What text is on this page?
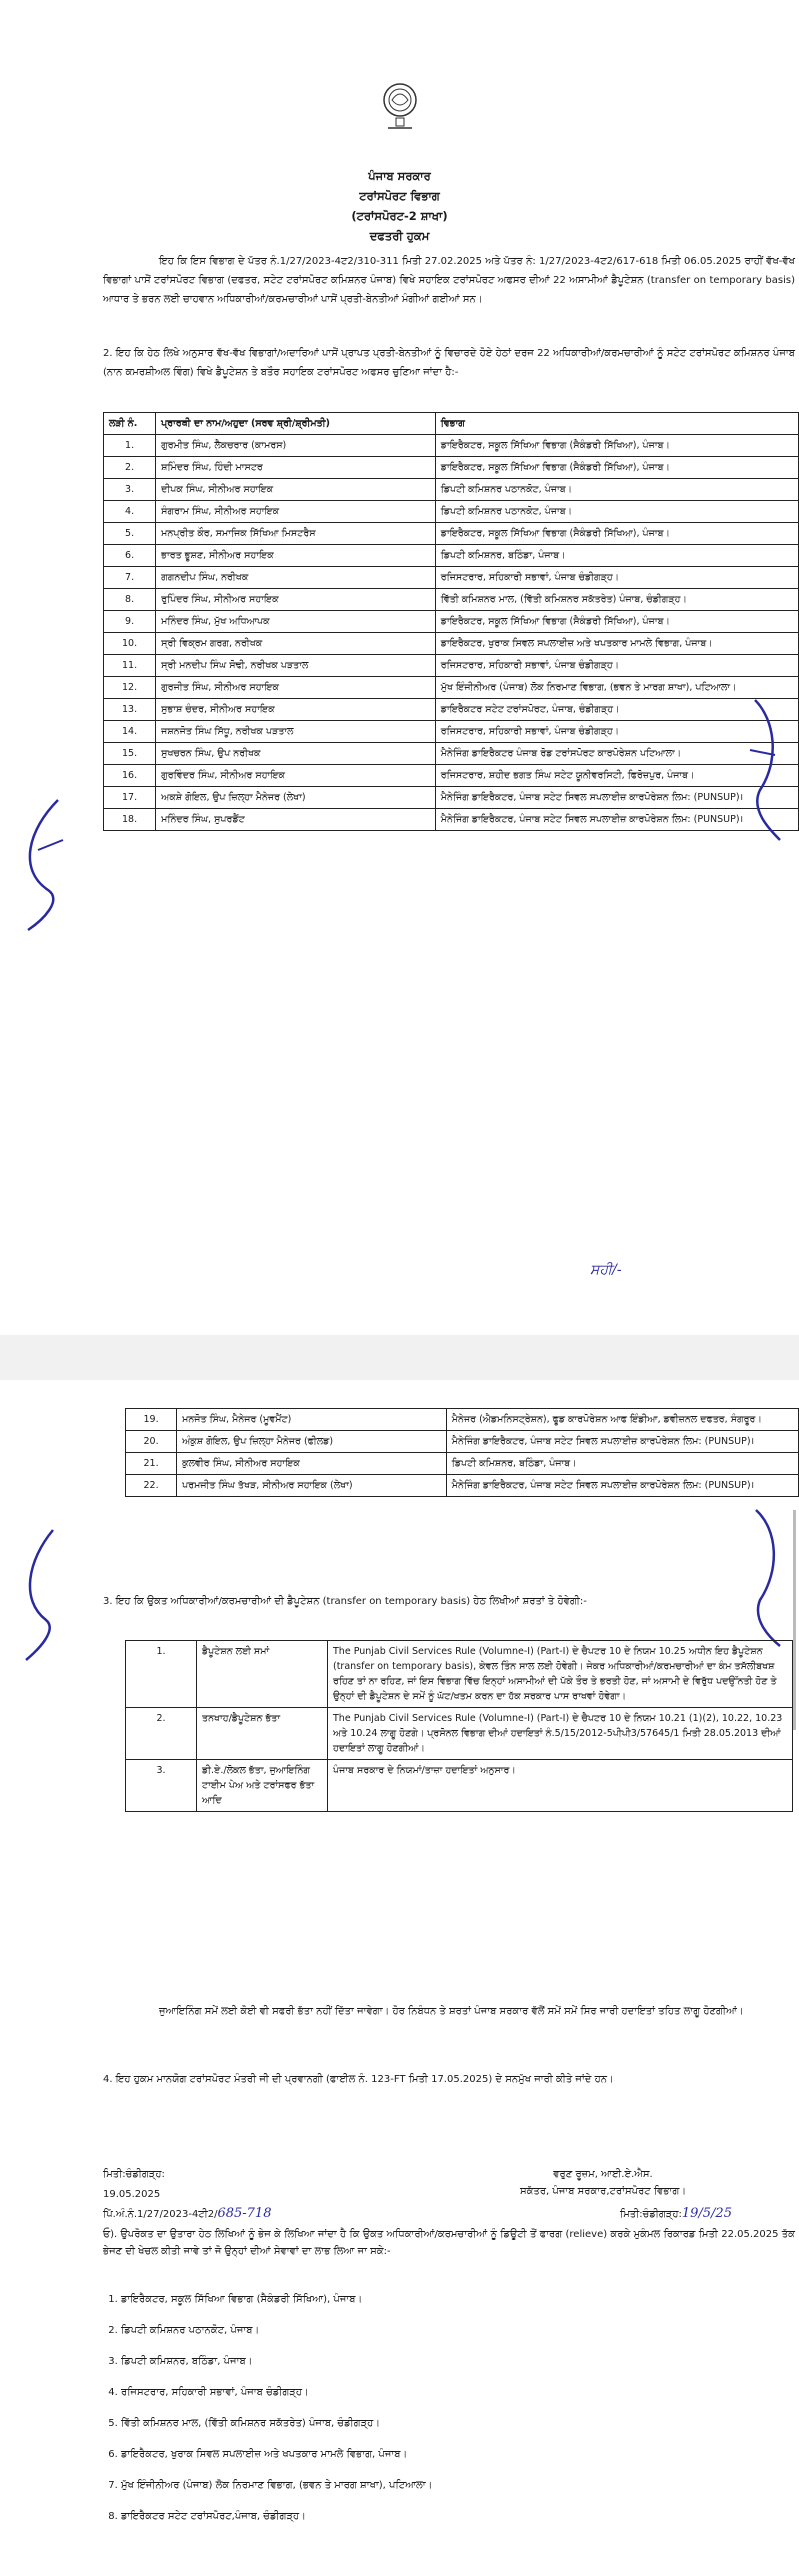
ਪੰਜਾਬ ਸਰਕਾਰ
ਟਰਾਂਸਪੋਰਟ ਵਿਭਾਗ
(ਟਰਾਂਸਪੋਰਟ-2 ਸ਼ਾਖਾ)
ਦਫਤਰੀ ਹੁਕਮ
ਇਹ ਕਿ ਇਸ ਵਿਭਾਗ ਦੇ ਪੱਤਰ ਨੰ.1/27/2023-4ਟ2/310-311 ਮਿਤੀ 27.02.2025 ਅਤੇ ਪੱਤਰ ਨੰ: 1/27/2023-4ਟ2/617-618 ਮਿਤੀ 06.05.2025 ਰਾਹੀਂ ਵੱਖ-ਵੱਖ ਵਿਭਾਗਾਂ ਪਾਸੋਂ ਟਰਾਂਸਪੋਰਟ ਵਿਭਾਗ (ਦਫਤਰ, ਸਟੇਟ ਟਰਾਂਸਪੋਰਟ ਕਮਿਸ਼ਨਰ ਪੰਜਾਬ) ਵਿਖੇ ਸਹਾਇਕ ਟਰਾਂਸਪੋਰਟ ਅਫਸਰ ਦੀਆਂ 22 ਅਸਾਮੀਆਂ ਡੈਪੂਟੇਸ਼ਨ (transfer on temporary basis) ਆਧਾਰ ਤੇ ਭਰਨ ਲਈ ਚਾਹਵਾਨ ਅਧਿਕਾਰੀਆਂ/ਕਰਮਚਾਰੀਆਂ ਪਾਸੋਂ ਪ੍ਰਤੀ-ਬੇਨਤੀਆਂ ਮੰਗੀਆਂ ਗਈਆਂ ਸਨ।
2. ਇਹ ਕਿ ਹੇਠ ਲਿਖੇ ਅਨੁਸਾਰ ਵੱਖ-ਵੱਖ ਵਿਭਾਗਾਂ/ਅਦਾਰਿਆਂ ਪਾਸੋਂ ਪ੍ਰਾਪਤ ਪ੍ਰਤੀ-ਬੇਨਤੀਆਂ ਨੂੰ ਵਿਚਾਰਦੇ ਹੋਏ ਹੇਠਾਂ ਦਰਜ 22 ਅਧਿਕਾਰੀਆਂ/ਕਰਮਚਾਰੀਆਂ ਨੂੰ ਸਟੇਟ ਟਰਾਂਸਪੋਰਟ ਕਮਿਸ਼ਨਰ ਪੰਜਾਬ (ਨਾਨ ਕਮਰਸ਼ੀਅਲ ਵਿੰਗ) ਵਿਖੇ ਡੈਪੂਟੇਸ਼ਨ ਤੇ ਬਤੌਰ ਸਹਾਇਕ ਟਰਾਂਸਪੋਰਟ ਅਫਸਰ ਚੁਣਿਆ ਜਾਂਦਾ ਹੈ:-
ਲੜੀ ਨੰ.	ਪ੍ਰਾਰਥੀ ਦਾ ਨਾਮ/ਅਹੁਦਾ (ਸਰਵ ਸ਼੍ਰੀ/ਸ਼੍ਰੀਮਤੀ)	ਵਿਭਾਗ
1.	ਗੁਰਮੀਤ ਸਿੰਘ, ਲੈਕਚਰਾਰ (ਕਾਮਰਸ)	ਡਾਇਰੈਕਟਰ, ਸਕੂਲ ਸਿੱਖਿਆ ਵਿਭਾਗ (ਸੈਕੰਡਰੀ ਸਿੱਖਿਆ), ਪੰਜਾਬ।
2.	ਸ਼ਮਿੰਦਰ ਸਿੰਘ, ਹਿੰਦੀ ਮਾਸਟਰ	ਡਾਇਰੈਕਟਰ, ਸਕੂਲ ਸਿੱਖਿਆ ਵਿਭਾਗ (ਸੈਕੰਡਰੀ ਸਿੱਖਿਆ), ਪੰਜਾਬ।
3.	ਦੀਪਕ ਸਿੰਘ, ਸੀਨੀਅਰ ਸਹਾਇਕ	ਡਿਪਟੀ ਕਮਿਸ਼ਨਰ ਪਠਾਨਕੋਟ, ਪੰਜਾਬ।
4.	ਸੰਗਰਾਮ ਸਿੰਘ, ਸੀਨੀਅਰ ਸਹਾਇਕ	ਡਿਪਟੀ ਕਮਿਸ਼ਨਰ ਪਠਾਨਕੋਟ, ਪੰਜਾਬ।
5.	ਮਨਪ੍ਰੀਤ ਕੌਰ, ਸਮਾਜਿਕ ਸਿੱਖਿਆ ਮਿਸਟਰੈਸ	ਡਾਇਰੈਕਟਰ, ਸਕੂਲ ਸਿੱਖਿਆ ਵਿਭਾਗ (ਸੈਕੰਡਰੀ ਸਿੱਖਿਆ), ਪੰਜਾਬ।
6.	ਭਾਰਤ ਭੂਸ਼ਣ, ਸੀਨੀਅਰ ਸਹਾਇਕ	ਡਿਪਟੀ ਕਮਿਸ਼ਨਰ, ਬਠਿੰਡਾ, ਪੰਜਾਬ।
7.	ਗਗਨਦੀਪ ਸਿੰਘ, ਨਰੀਖਕ	ਰਜਿਸਟਰਾਰ, ਸਹਿਕਾਰੀ ਸਭਾਵਾਂ, ਪੰਜਾਬ ਚੰਡੀਗੜ੍ਹ।
8.	ਰੁਪਿੰਦਰ ਸਿੰਘ, ਸੀਨੀਅਰ ਸਹਾਇਕ	ਵਿੱਤੀ ਕਮਿਸ਼ਨਰ ਮਾਲ, (ਵਿੱਤੀ ਕਮਿਸ਼ਨਰ ਸਕੱਤਰੇਤ) ਪੰਜਾਬ, ਚੰਡੀਗੜ੍ਹ।
9.	ਮਨਿੰਦਰ ਸਿੰਘ, ਮੁੱਖ ਅਧਿਆਪਕ	ਡਾਇਰੈਕਟਰ, ਸਕੂਲ ਸਿੱਖਿਆ ਵਿਭਾਗ (ਸੈਕੰਡਰੀ ਸਿੱਖਿਆ), ਪੰਜਾਬ।
10.	ਸ੍ਰੀ ਵਿਕ੍ਰਮ ਗਰਗ, ਨਰੀਖਕ	ਡਾਇਰੈਕਟਰ, ਖੁਰਾਕ ਸਿਵਲ ਸਪਲਾਈਜ਼ ਅਤੇ ਖਪਤਕਾਰ ਮਾਮਲੇ ਵਿਭਾਗ, ਪੰਜਾਬ।
11.	ਸ੍ਰੀ ਮਨਦੀਪ ਸਿੰਘ ਸੋਢੀ, ਨਰੀਖਕ ਪੜਤਾਲ	ਰਜਿਸਟਰਾਰ, ਸਹਿਕਾਰੀ ਸਭਾਵਾਂ, ਪੰਜਾਬ ਚੰਡੀਗੜ੍ਹ।
12.	ਗੁਰਜੀਤ ਸਿੰਘ, ਸੀਨੀਅਰ ਸਹਾਇਕ	ਮੁੱਖ ਇੰਜੀਨੀਅਰ (ਪੰਜਾਬ) ਲੋਕ ਨਿਰਮਾਣ ਵਿਭਾਗ, (ਭਵਨ ਤੇ ਮਾਰਗ ਸ਼ਾਖਾ), ਪਟਿਆਲਾ।
13.	ਸੁਭਾਸ਼ ਚੰਦਰ, ਸੀਨੀਅਰ ਸਹਾਇਕ	ਡਾਇਰੈਕਟਰ ਸਟੇਟ ਟਰਾਂਸਪੋਰਟ, ਪੰਜਾਬ, ਚੰਡੀਗੜ੍ਹ।
14.	ਜਸ਼ਨਜੋਤ ਸਿੰਘ ਸਿੱਧੂ, ਨਰੀਖਕ ਪੜਤਾਲ	ਰਜਿਸਟਰਾਰ, ਸਹਿਕਾਰੀ ਸਭਾਵਾਂ, ਪੰਜਾਬ ਚੰਡੀਗੜ੍ਹ।
15.	ਸੁਖਚਰਨ ਸਿੰਘ, ਉਪ ਨਰੀਖਕ	ਮੈਨੇਜਿੰਗ ਡਾਇਰੈਕਟਰ ਪੰਜਾਬ ਰੋਡ ਟਰਾਂਸਪੋਰਟ ਕਾਰਪੋਰੇਸ਼ਨ ਪਟਿਆਲਾ।
16.	ਗੁਰਵਿੰਦਰ ਸਿੰਘ, ਸੀਨੀਅਰ ਸਹਾਇਕ	ਰਜਿਸਟਰਾਰ, ਸ਼ਹੀਦ ਭਗਤ ਸਿੰਘ ਸਟੇਟ ਯੂਨੀਵਰਸਿਟੀ, ਫਿਰੋਜ਼ਪੁਰ, ਪੰਜਾਬ।
17.	ਅਕਸ਼ੇ ਗੋਇਲ, ਉਪ ਜ਼ਿਲ੍ਹਾ ਮੈਨੇਜਰ (ਲੇਖਾ)	ਮੈਨੇਜਿੰਗ ਡਾਇਰੈਕਟਰ, ਪੰਜਾਬ ਸਟੇਟ ਸਿਵਲ ਸਪਲਾਈਜ਼ ਕਾਰਪੋਰੇਸ਼ਨ ਲਿਮ: (PUNSUP)।
18.	ਮਨਿੰਦਰ ਸਿੰਘ, ਸੁਪਰਡੈਂਟ	ਮੈਨੇਜਿੰਗ ਡਾਇਰੈਕਟਰ, ਪੰਜਾਬ ਸਟੇਟ ਸਿਵਲ ਸਪਲਾਈਜ਼ ਕਾਰਪੋਰੇਸ਼ਨ ਲਿਮ: (PUNSUP)।
ਸਹੀ/-
19.	ਮਨਜੋਤ ਸਿੰਘ, ਮੈਨੇਜਰ (ਮੂਵਮੈਂਟ)	ਮੈਨੇਜਰ (ਐਡਮਨਿਸਟ੍ਰੇਸ਼ਨ), ਫੂਡ ਕਾਰਪੋਰੇਸ਼ਨ ਆਫ ਇੰਡੀਆ, ਡਵੀਜ਼ਨਲ ਦਫਤਰ, ਸੰਗਰੂਰ।
20.	ਅੰਕੁਸ਼ ਗੋਇਲ, ਉਪ ਜ਼ਿਲ੍ਹਾ ਮੈਨੇਜਰ (ਫੀਲਡ)	ਮੈਨੇਜਿੰਗ ਡਾਇਰੈਕਟਰ, ਪੰਜਾਬ ਸਟੇਟ ਸਿਵਲ ਸਪਲਾਈਜ਼ ਕਾਰਪੋਰੇਸ਼ਨ ਲਿਮ: (PUNSUP)।
21.	ਕੁਲਵੀਰ ਸਿੰਘ, ਸੀਨੀਅਰ ਸਹਾਇਕ	ਡਿਪਟੀ ਕਮਿਸ਼ਨਰ, ਬਠਿੰਡਾ, ਪੰਜਾਬ।
22.	ਪਰਮਜੀਤ ਸਿੰਘ ਤੱਖੜ, ਸੀਨੀਅਰ ਸਹਾਇਕ (ਲੇਖਾ)	ਮੈਨੇਜਿੰਗ ਡਾਇਰੈਕਟਰ, ਪੰਜਾਬ ਸਟੇਟ ਸਿਵਲ ਸਪਲਾਈਜ਼ ਕਾਰਪੋਰੇਸ਼ਨ ਲਿਮ: (PUNSUP)।
3. ਇਹ ਕਿ ਉਕਤ ਅਧਿਕਾਰੀਆਂ/ਕਰਮਚਾਰੀਆਂ ਦੀ ਡੈਪੂਟੇਸ਼ਨ (transfer on temporary basis) ਹੇਠ ਲਿਖੀਆਂ ਸ਼ਰਤਾਂ ਤੇ ਹੋਵੇਗੀ:-
1.	ਡੈਪੂਟੇਸ਼ਨ ਲਈ ਸਮਾਂ	The Punjab Civil Services Rule (Volumne-I) (Part-I) ਦੇ ਚੈਪਟਰ 10 ਦੇ ਨਿਯਮ 10.25 ਅਧੀਨ ਇਹ ਡੈਪੂਟੇਸ਼ਨ (transfer on temporary basis), ਕੇਵਲ ਤਿੰਨ ਸਾਲ ਲਈ ਹੋਵੇਗੀ। ਜੇਕਰ ਅਧਿਕਾਰੀਆਂ/ਕਰਮਚਾਰੀਆਂ ਦਾ ਕੰਮ ਤਸੱਲੀਬਖਸ਼ ਰਹਿਣ ਤਾਂ ਨਾ ਰਹਿਣ, ਜਾਂ ਇਸ ਵਿਭਾਗ ਵਿੱਚ ਇਨ੍ਹਾਂ ਅਸਾਮੀਆਂ ਦੀ ਪੱਕੇ ਤੌਰ ਤੇ ਭਰਤੀ ਹੋਣ, ਜਾਂ ਅਸਾਮੀ ਦੇ ਵਿਰੁੱਧ ਪਦਉੱਨਤੀ ਹੋਣ ਤੇ ਉਨ੍ਹਾਂ ਦੀ ਡੈਪੂਟੇਸ਼ਨ ਦੇ ਸਮੇਂ ਨੂੰ ਘੱਟ/ਖਤਮ ਕਰਨ ਦਾ ਹੱਕ ਸਰਕਾਰ ਪਾਸ ਰਾਖਵਾਂ ਹੋਵੇਗਾ।
2.	ਤਨਖਾਹ/ਡੈਪੂਟੇਸ਼ਨ ਭੱਤਾ	The Punjab Civil Services Rule (Volumne-I) (Part-I) ਦੇ ਚੈਪਟਰ 10 ਦੇ ਨਿਯਮ 10.21 (1)(2), 10.22, 10.23 ਅਤੇ 10.24 ਲਾਗੂ ਹੋਣਗੇ। ਪ੍ਰਸੋਨਲ ਵਿਭਾਗ ਦੀਆਂ ਹਦਾਇਤਾਂ ਨੰ.5/15/2012-5ਪੀਪੀ3/57645/1 ਮਿਤੀ 28.05.2013 ਦੀਆਂ ਹਦਾਇਤਾਂ ਲਾਗੂ ਹੋਣਗੀਆਂ।
3.	ਡੀ.ਏ./ਲੋਕਲ ਭੱਤਾ, ਜੁਆਇਨਿੰਗ ਟਾਈਮ ਪੇਅ ਅਤੇ ਟਰਾਂਸਫਰ ਭੱਤਾ ਆਦਿ	ਪੰਜਾਬ ਸਰਕਾਰ ਦੇ ਨਿਯਮਾਂ/ਤਾਜ਼ਾ ਹਦਾਇਤਾਂ ਅਨੁਸਾਰ।
ਜੁਆਇਨਿੰਗ ਸਮੇਂ ਲਈ ਕੋਈ ਵੀ ਸਫਰੀ ਭੱਤਾ ਨਹੀਂ ਦਿੱਤਾ ਜਾਵੇਗਾ। ਹੋਰ ਨਿਬੰਧਨ ਤੇ ਸ਼ਰਤਾਂ ਪੰਜਾਬ ਸਰਕਾਰ ਵੱਲੋਂ ਸਮੇਂ ਸਮੇਂ ਸਿਰ ਜਾਰੀ ਹਦਾਇਤਾਂ ਤਹਿਤ ਲਾਗੂ ਹੋਣਗੀਆਂ।
4. ਇਹ ਹੁਕਮ ਮਾਨਯੋਗ ਟਰਾਂਸਪੋਰਟ ਮੰਤਰੀ ਜੀ ਦੀ ਪ੍ਰਵਾਨਗੀ (ਫਾਈਲ ਨੰ. 123-FT ਮਿਤੀ 17.05.2025) ਦੇ ਸਨਮੁੱਖ ਜਾਰੀ ਕੀਤੇ ਜਾਂਦੇ ਹਨ।
ਮਿਤੀ:ਚੰਡੀਗੜ੍ਹ:
19.05.2025
ਵਰੁਣ ਰੂਜ਼ਮ, ਆਈ.ਏ.ਐਸ.
ਸਕੱਤਰ, ਪੰਜਾਬ ਸਰਕਾਰ,ਟਰਾਂਸਪੋਰਟ ਵਿਭਾਗ।
ਪਿੱ.ਅੰ.ਨੰ.1/27/2023-4ਟੀ2/685-718	ਮਿਤੀ:ਚੰਡੀਗੜ੍ਹ:19/5/25
ਓ). ਉਪਰੋਕਤ ਦਾ ਉਤਾਰਾ ਹੇਠ ਲਿਖਿਆਂ ਨੂੰ ਭੇਜ ਕੇ ਲਿਖਿਆ ਜਾਂਦਾ ਹੈ ਕਿ ਉਕਤ ਅਧਿਕਾਰੀਆਂ/ਕਰਮਚਾਰੀਆਂ ਨੂੰ ਡਿਊਟੀ ਤੋਂ ਫਾਰਗ (relieve) ਕਰਕੇ ਮੁਕੰਮਲ ਰਿਕਾਰਡ ਮਿਤੀ 22.05.2025 ਤੱਕ ਭੇਜਣ ਦੀ ਖੇਚਲ ਕੀਤੀ ਜਾਵੇ ਤਾਂ ਜੋ ਉਨ੍ਹਾਂ ਦੀਆਂ ਸੇਵਾਵਾਂ ਦਾ ਲਾਭ ਲਿਆ ਜਾ ਸਕੇ:-
1. ਡਾਇਰੈਕਟਰ, ਸਕੂਲ ਸਿੱਖਿਆ ਵਿਭਾਗ (ਸੈਕੰਡਰੀ ਸਿੱਖਿਆ), ਪੰਜਾਬ।
2. ਡਿਪਟੀ ਕਮਿਸ਼ਨਰ ਪਠਾਨਕੋਟ, ਪੰਜਾਬ।
3. ਡਿਪਟੀ ਕਮਿਸ਼ਨਰ, ਬਠਿੰਡਾ, ਪੰਜਾਬ।
4. ਰਜਿਸਟਰਾਰ, ਸਹਿਕਾਰੀ ਸਭਾਵਾਂ, ਪੰਜਾਬ ਚੰਡੀਗੜ੍ਹ।
5. ਵਿੱਤੀ ਕਮਿਸ਼ਨਰ ਮਾਲ, (ਵਿੱਤੀ ਕਮਿਸ਼ਨਰ ਸਕੱਤਰੇਤ) ਪੰਜਾਬ, ਚੰਡੀਗੜ੍ਹ।
6. ਡਾਇਰੈਕਟਰ, ਖੁਰਾਕ ਸਿਵਲ ਸਪਲਾਈਜ਼ ਅਤੇ ਖਪਤਕਾਰ ਮਾਮਲੇ ਵਿਭਾਗ, ਪੰਜਾਬ।
7. ਮੁੱਖ ਇੰਜੀਨੀਅਰ (ਪੰਜਾਬ) ਲੋਕ ਨਿਰਮਾਣ ਵਿਭਾਗ, (ਭਵਨ ਤੇ ਮਾਰਗ ਸ਼ਾਖਾ), ਪਟਿਆਲਾ।
8. ਡਾਇਰੈਕਟਰ ਸਟੇਟ ਟਰਾਂਸਪੋਰਟ,ਪੰਜਾਬ, ਚੰਡੀਗੜ੍ਹ।
